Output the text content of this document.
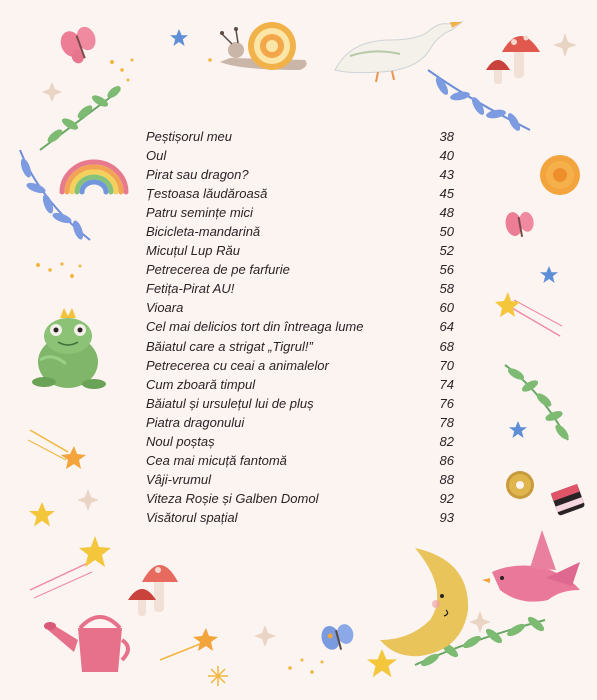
Peștișorul meu	38
Oul	40
Pirat sau dragon?	43
Țestoasa lăudăroasă	45
Patru semințe mici	48
Bicicleta-mandarină	50
Micuțul Lup Rău	52
Petrecerea de pe farfurie	56
Fetița-Pirat AU!	58
Vioara	60
Cel mai delicios tort din întreaga lume	64
Băiatul care a strigat „Tigrul!”	68
Petrecerea cu ceai a animalelor	70
Cum zboară timpul	74
Băiatul și ursulețul lui de pluș	76
Piatra dragonului	78
Noul poștaș	82
Cea mai micuță fantomă	86
Vâji-vrumul	88
Viteza Roșie și Galben Domol	92
Visătorul spațial	93
